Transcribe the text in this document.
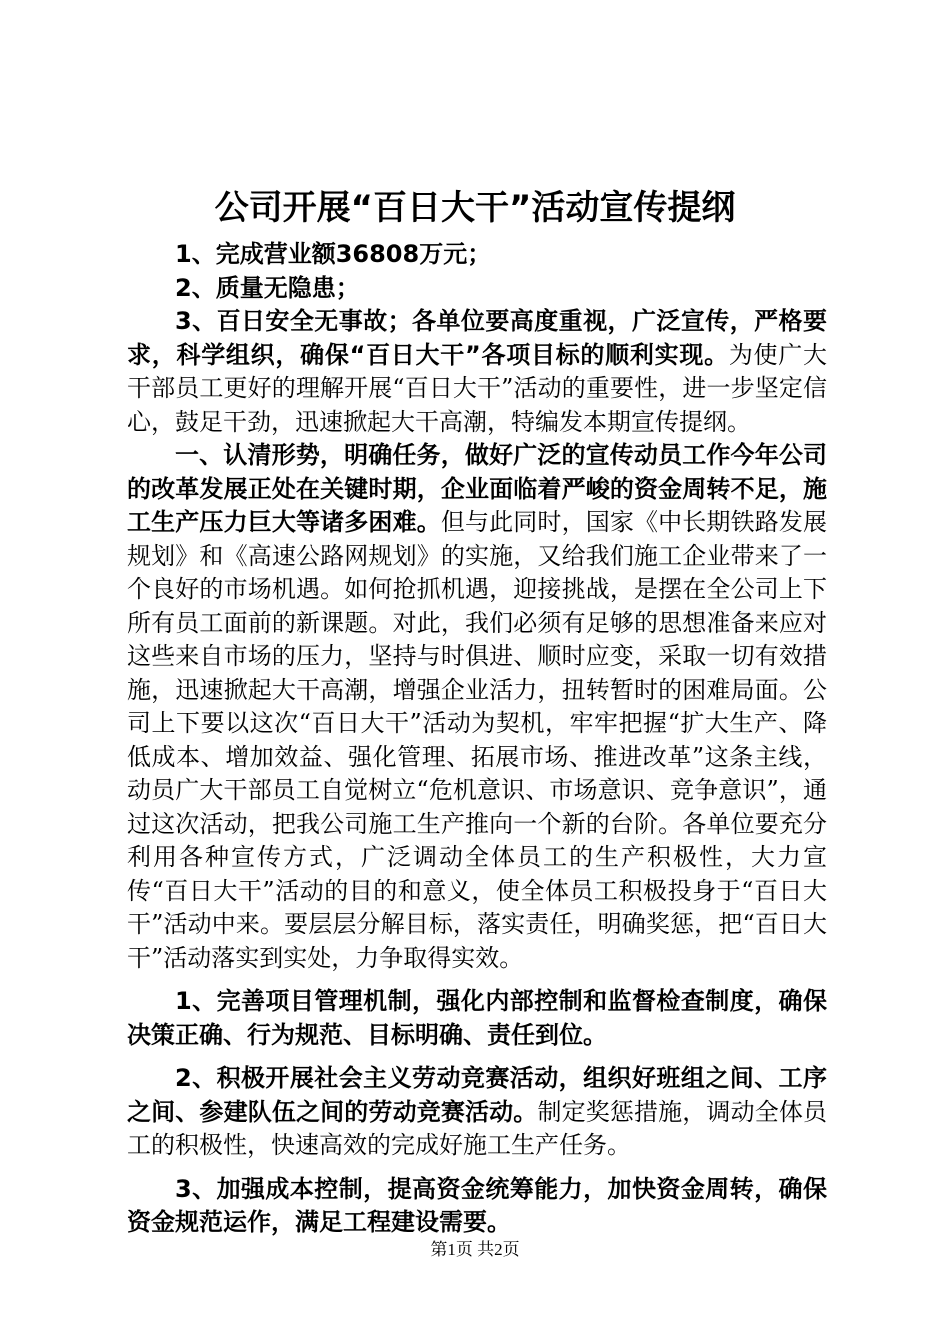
公司开展“百日大干”活动宣传提纲

1、完成营业额36808万元；

2、质量无隐患；

3、百日安全无事故；各单位要高度重视，广泛宣传，严格要求，科学组织，确保“百日大干”各项目标的顺利实现。为使广大干部员工更好的理解开展“百日大干”活动的重要性，进一步坚定信心，鼓足干劲，迅速掀起大干高潮，特编发本期宣传提纲。

一、认清形势，明确任务，做好广泛的宣传动员工作今年公司的改革发展正处在关键时期，企业面临着严峻的资金周转不足，施工生产压力巨大等诸多困难。但与此同时，国家《中长期铁路发展规划》和《高速公路网规划》的实施，又给我们施工企业带来了一个良好的市场机遇。如何抢抓机遇，迎接挑战，是摆在全公司上下所有员工面前的新课题。对此，我们必须有足够的思想准备来应对这些来自市场的压力，坚持与时俱进、顺时应变，采取一切有效措施，迅速掀起大干高潮，增强企业活力，扭转暂时的困难局面。公司上下要以这次“百日大干”活动为契机，牢牢把握“扩大生产、降低成本、增加效益、强化管理、拓展市场、推进改革”这条主线，动员广大干部员工自觉树立“危机意识、市场意识、竞争意识”，通过这次活动，把我公司施工生产推向一个新的台阶。各单位要充分利用各种宣传方式，广泛调动全体员工的生产积极性，大力宣传“百日大干”活动的目的和意义，使全体员工积极投身于“百日大干”活动中来。要层层分解目标，落实责任，明确奖惩，把“百日大干”活动落实到实处，力争取得实效。

1、完善项目管理机制，强化内部控制和监督检查制度，确保决策正确、行为规范、目标明确、责任到位。

2、积极开展社会主义劳动竞赛活动，组织好班组之间、工序之间、参建队伍之间的劳动竞赛活动。制定奖惩措施，调动全体员工的积极性，快速高效的完成好施工生产任务。

3、加强成本控制，提高资金统筹能力，加快资金周转，确保资金规范运作，满足工程建设需要。

第1页 共2页
